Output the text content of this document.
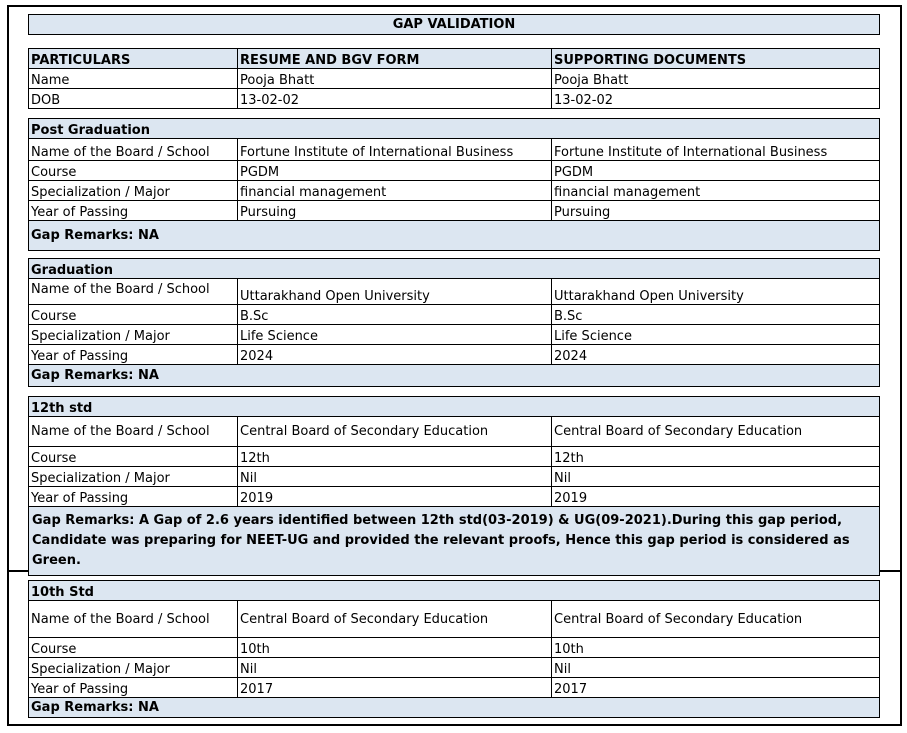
GAP VALIDATION
PARTICULARS	RESUME AND BGV FORM	SUPPORTING DOCUMENTS
Name	Pooja Bhatt	Pooja Bhatt
DOB	13-02-02	13-02-02
Post Graduation		
Name of the Board / School	Fortune Institute of International Business	Fortune Institute of International Business
Course	PGDM	PGDM
Specialization / Major	financial management	financial management
Year of Passing	Pursuing	Pursuing
Gap Remarks: NA		
Graduation		
Name of the Board / School	Uttarakhand Open University	Uttarakhand Open University
Course	B.Sc	B.Sc
Specialization / Major	Life Science	Life Science
Year of Passing	2024	2024
Gap Remarks: NA		
12th std		
Name of the Board / School	Central Board of Secondary Education	Central Board of Secondary Education
Course	12th	12th
Specialization / Major	Nil	Nil
Year of Passing	2019	2019
Gap Remarks: A Gap of 2.6 years identified between 12th std(03-2019) & UG(09-2021).During this gap period, Candidate was preparing for NEET-UG and provided the relevant proofs, Hence this gap period is considered as Green.		
10th Std		
Name of the Board / School	Central Board of Secondary Education	Central Board of Secondary Education
Course	10th	10th
Specialization / Major	Nil	Nil
Year of Passing	2017	2017
Gap Remarks: NA		
